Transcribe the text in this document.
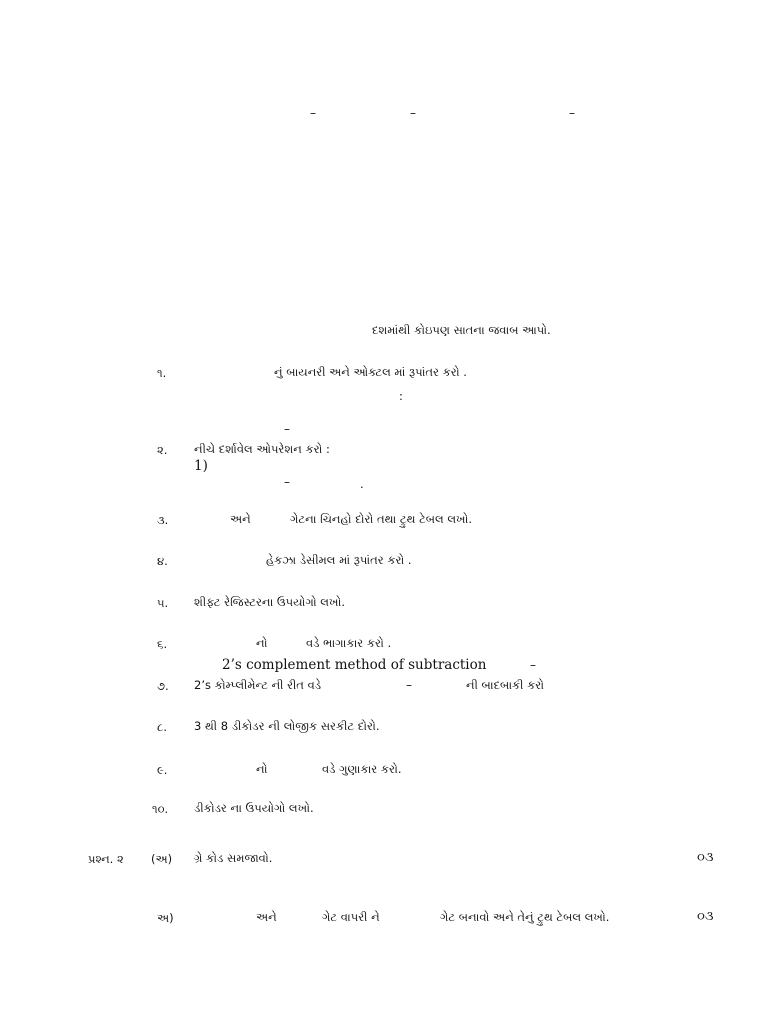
–	–	–
દશમાંથી કોઇપણ સાતના જવાબ આપો.
૧.	નું બાયનરી અને ઓક્ટલ માં રૂપાંતર કરો .
:
–
૨. નીચે દર્શાવેલ ઓપરેશન કરો :
1)
–	.
૩.	અને	ગેટના ચિનહો દોરો તથા ટ્રુથ ટેબલ લખો.
૪.	હેકઝા ડેસીમલ માં રૂપાંતર કરો .
૫. શીફ્ટ રેજિસ્ટરના ઉપયોગો લખો.
૬.	નો	વડે ભાગાકાર કરો .
2’s complement method of subtraction	–
૭. 2’s કોમ્પ્લીમેન્ટ ની રીત વડે	–	ની બાદબાકી કરો
૮. 3 થી 8 ડીકોડર ની લોજીક સરકીટ દોરો.
૯.	નો	વડે ગુણાકાર કરો.
૧૦. ડીકોડર ના ઉપયોગો લખો.
પ્રશ્ન. ૨ (અ) ગ્રે કોડ સમજાવો.	૦૩
અ)	અને	ગેટ વાપરી ને	ગેટ બનાવો અને તેનું ટ્રુથ ટેબલ લખો.	૦૩
